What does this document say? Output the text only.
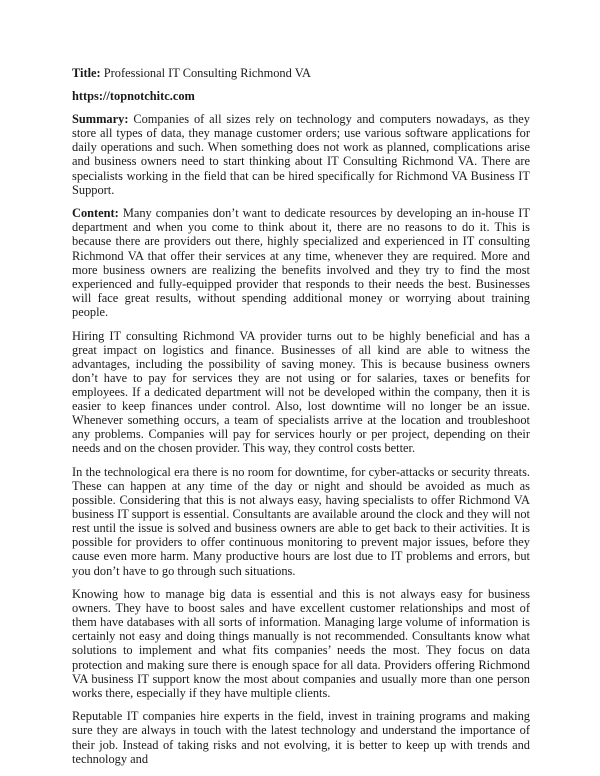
Title: Professional IT Consulting Richmond VA

https://topnotchitc.com

Summary: Companies of all sizes rely on technology and computers nowadays, as they store all types of data, they manage customer orders; use various software applications for daily operations and such. When something does not work as planned, complications arise and business owners need to start thinking about IT Consulting Richmond VA. There are specialists working in the field that can be hired specifically for Richmond VA Business IT Support.

Content: Many companies don’t want to dedicate resources by developing an in-house IT department and when you come to think about it, there are no reasons to do it. This is because there are providers out there, highly specialized and experienced in IT consulting Richmond VA that offer their services at any time, whenever they are required. More and more business owners are realizing the benefits involved and they try to find the most experienced and fully-equipped provider that responds to their needs the best. Businesses will face great results, without spending additional money or worrying about training people.

Hiring IT consulting Richmond VA provider turns out to be highly beneficial and has a great impact on logistics and finance. Businesses of all kind are able to witness the advantages, including the possibility of saving money. This is because business owners don’t have to pay for services they are not using or for salaries, taxes or benefits for employees. If a dedicated department will not be developed within the company, then it is easier to keep finances under control. Also, lost downtime will no longer be an issue. Whenever something occurs, a team of specialists arrive at the location and troubleshoot any problems. Companies will pay for services hourly or per project, depending on their needs and on the chosen provider. This way, they control costs better.

In the technological era there is no room for downtime, for cyber-attacks or security threats. These can happen at any time of the day or night and should be avoided as much as possible. Considering that this is not always easy, having specialists to offer Richmond VA business IT support is essential. Consultants are available around the clock and they will not rest until the issue is solved and business owners are able to get back to their activities. It is possible for providers to offer continuous monitoring to prevent major issues, before they cause even more harm. Many productive hours are lost due to IT problems and errors, but you don’t have to go through such situations.

Knowing how to manage big data is essential and this is not always easy for business owners. They have to boost sales and have excellent customer relationships and most of them have databases with all sorts of information. Managing large volume of information is certainly not easy and doing things manually is not recommended. Consultants know what solutions to implement and what fits companies’ needs the most. They focus on data protection and making sure there is enough space for all data. Providers offering Richmond VA business IT support know the most about companies and usually more than one person works there, especially if they have multiple clients.

Reputable IT companies hire experts in the field, invest in training programs and making sure they are always in touch with the latest technology and understand the importance of their job. Instead of taking risks and not evolving, it is better to keep up with trends and technology and
